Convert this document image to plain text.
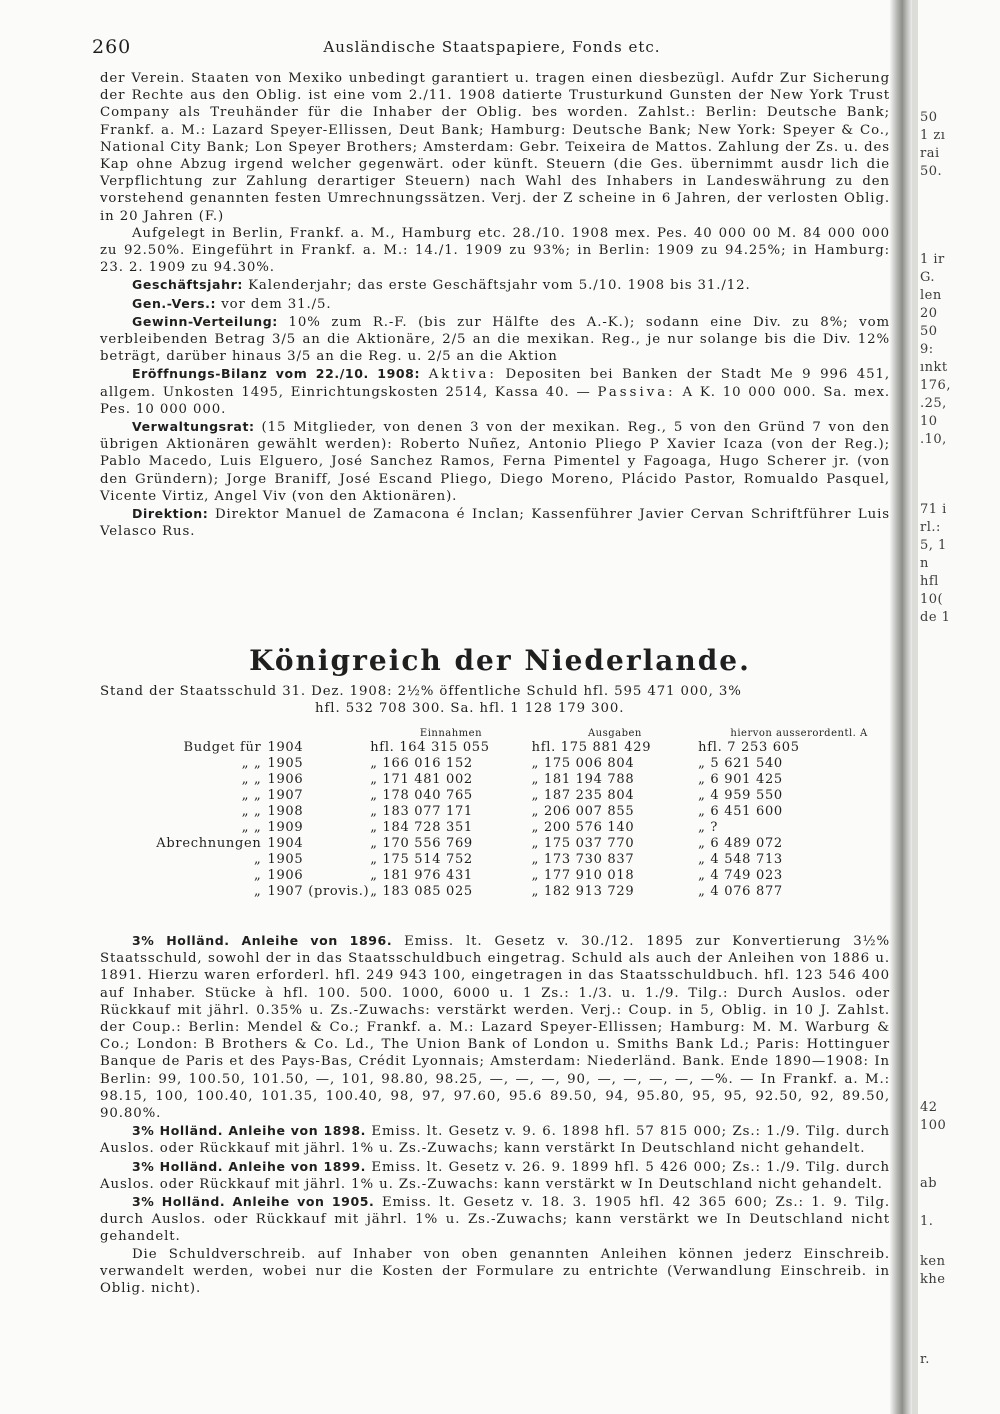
260	Ausländische Staatspapiere, Fonds etc.

der Verein. Staaten von Mexiko unbedingt garantiert u. tragen einen diesbezügl. Aufdr Zur Sicherung der Rechte aus den Oblig. ist eine vom 2./11. 1908 datierte Trusturkund Gunsten der New York Trust Company als Treuhänder für die Inhaber der Oblig. bes worden. Zahlst.: Berlin: Deutsche Bank; Frankf. a. M.: Lazard Speyer-Ellissen, Deut Bank; Hamburg: Deutsche Bank; New York: Speyer & Co., National City Bank; Lon Speyer Brothers; Amsterdam: Gebr. Teixeira de Mattos. Zahlung der Zs. u. des Kap ohne Abzug irgend welcher gegenwärt. oder künft. Steuern (die Ges. übernimmt ausdr lich die Verpflichtung zur Zahlung derartiger Steuern) nach Wahl des Inhabers in Landeswährung zu den vorstehend genannten festen Umrechnungssätzen. Verj. der Z scheine in 6 Jahren, der verlosten Oblig. in 20 Jahren (F.)

Aufgelegt in Berlin, Frankf. a. M., Hamburg etc. 28./10. 1908 mex. Pes. 40 000 00 M. 84 000 000 zu 92.50%. Eingeführt in Frankf. a. M.: 14./1. 1909 zu 93%; in Berlin: 1909 zu 94.25%; in Hamburg: 23. 2. 1909 zu 94.30%.

Geschäftsjahr: Kalenderjahr; das erste Geschäftsjahr vom 5./10. 1908 bis 31./12.

Gen.-Vers.: vor dem 31./5.

Gewinn-Verteilung: 10% zum R.-F. (bis zur Hälfte des A.-K.); sodann eine Div. zu 8%; vom verbleibenden Betrag 3/5 an die Aktionäre, 2/5 an die mexikan. Reg., je nur solange bis die Div. 12% beträgt, darüber hinaus 3/5 an die Reg. u. 2/5 an die Aktion

Eröffnungs-Bilanz vom 22./10. 1908: Aktiva: Depositen bei Banken der Stadt Me 9 996 451, allgem. Unkosten 1495, Einrichtungskosten 2514, Kassa 40. — Passiva: A K. 10 000 000. Sa. mex. Pes. 10 000 000.

Verwaltungsrat: (15 Mitglieder, von denen 3 von der mexikan. Reg., 5 von den Gründ 7 von den übrigen Aktionären gewählt werden): Roberto Nuñez, Antonio Pliego P Xavier Icaza (von der Reg.); Pablo Macedo, Luis Elguero, José Sanchez Ramos, Ferna Pimentel y Fagoaga, Hugo Scherer jr. (von den Gründern); Jorge Braniff, José Escand Pliego, Diego Moreno, Plácido Pastor, Romualdo Pasquel, Vicente Virtiz, Angel Viv (von den Aktionären).

Direktion: Direktor Manuel de Zamacona é Inclan; Kassenführer Javier Cervan Schriftführer Luis Velasco Rus.

Königreich der Niederlande.
Stand der Staatsschuld 31. Dez. 1908: 2½% öffentliche Schuld hfl. 595 471 000, 3%
hfl. 532 708 300. Sa. hfl. 1 128 179 300.
		Einnahmen	Ausgaben	hiervon ausserordentl. A
Budget für	1904	hfl. 164 315 055	hfl. 175 881 429	hfl. 7 253 605
„ „	1905	„ 166 016 152	„ 175 006 804	„ 5 621 540
„ „	1906	„ 171 481 002	„ 181 194 788	„ 6 901 425
„ „	1907	„ 178 040 765	„ 187 235 804	„ 4 959 550
„ „	1908	„ 183 077 171	„ 206 007 855	„ 6 451 600
„ „	1909	„ 184 728 351	„ 200 576 140	„ ?
Abrechnungen	1904	„ 170 556 769	„ 175 037 770	„ 6 489 072
„	1905	„ 175 514 752	„ 173 730 837	„ 4 548 713
„	1906	„ 181 976 431	„ 177 910 018	„ 4 749 023
„	1907 (provis.)	„ 183 085 025	„ 182 913 729	„ 4 076 877

3% Holländ. Anleihe von 1896. Emiss. lt. Gesetz v. 30./12. 1895 zur Konvertierung 3½% Staatsschuld, sowohl der in das Staatsschuldbuch eingetrag. Schuld als auch der Anleihen von 1886 u. 1891. Hierzu waren erforderl. hfl. 249 943 100, eingetragen in das Staatsschuldbuch. hfl. 123 546 400 auf Inhaber. Stücke à hfl. 100. 500. 1000, 6000 u. 1 Zs.: 1./3. u. 1./9. Tilg.: Durch Auslos. oder Rückkauf mit jährl. 0.35% u. Zs.-Zuwachs: verstärkt werden. Verj.: Coup. in 5, Oblig. in 10 J. Zahlst. der Coup.: Berlin: Mendel & Co.; Frankf. a. M.: Lazard Speyer-Ellissen; Hamburg: M. M. Warburg & Co.; London: B Brothers & Co. Ld., The Union Bank of London u. Smiths Bank Ld.; Paris: Hottinguer Banque de Paris et des Pays-Bas, Crédit Lyonnais; Amsterdam: Niederländ. Bank. Ende 1890—1908: In Berlin: 99, 100.50, 101.50, —, 101, 98.80, 98.25, —, —, —, 90, —, —, —, —, —%. — In Frankf. a. M.: 98.15, 100, 100.40, 101.35, 100.40, 98, 97, 97.60, 95.6 89.50, 94, 95.80, 95, 95, 92.50, 92, 89.50, 90.80%.

3% Holländ. Anleihe von 1898. Emiss. lt. Gesetz v. 9. 6. 1898 hfl. 57 815 000; Zs.: 1./9. Tilg. durch Auslos. oder Rückkauf mit jährl. 1% u. Zs.-Zuwachs; kann verstärkt In Deutschland nicht gehandelt.

3% Holländ. Anleihe von 1899. Emiss. lt. Gesetz v. 26. 9. 1899 hfl. 5 426 000; Zs.: 1./9. Tilg. durch Auslos. oder Rückkauf mit jährl. 1% u. Zs.-Zuwachs: kann verstärkt w In Deutschland nicht gehandelt.

3% Holländ. Anleihe von 1905. Emiss. lt. Gesetz v. 18. 3. 1905 hfl. 42 365 600; Zs.: 1. 9. Tilg. durch Auslos. oder Rückkauf mit jährl. 1% u. Zs.-Zuwachs; kann verstärkt we In Deutschland nicht gehandelt.

Die Schuldverschreib. auf Inhaber von oben genannten Anleihen können jederz Einschreib. verwandelt werden, wobei nur die Kosten der Formulare zu entrichte (Verwandlung Einschreib. in Oblig. nicht).

50
1 zı
rai
50.
1 ir
G.
len
20
50
9:
ınkt
176,
.25,
10
.10,
71 i
rl.:
5, 1
n
hfl
10(
de 1
42
100
ab
1.
ken
khe
r.
